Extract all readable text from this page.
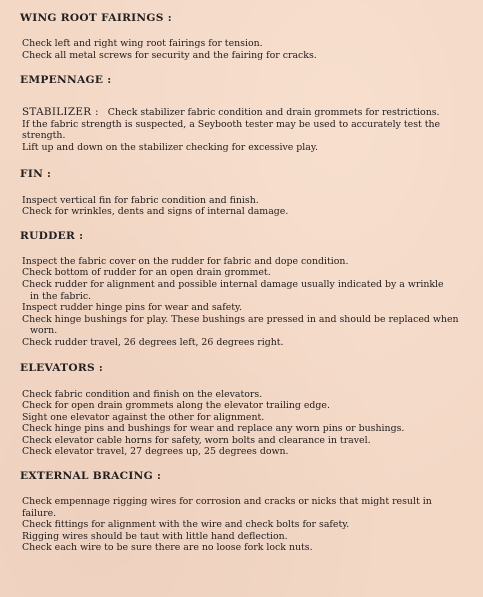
WING ROOT FAIRINGS :

Check left and right wing root fairings for tension.
Check all metal screws for security and the fairing for cracks.

EMPENNAGE :

STABILIZER : Check stabilizer fabric condition and drain grommets for restrictions.
If the fabric strength is suspected, a Seybooth tester may be used to accurately test the
strength.
Lift up and down on the stabilizer checking for excessive play.

FIN :

Inspect vertical fin for fabric condition and finish.
Check for wrinkles, dents and signs of internal damage.

RUDDER :

Inspect the fabric cover on the rudder for fabric and dope condition.
Check bottom of rudder for an open drain grommet.
Check rudder for alignment and possible internal damage usually indicated by a wrinkle
in the fabric.
Inspect rudder hinge pins for wear and safety.
Check hinge bushings for play. These bushings are pressed in and should be replaced when
worn.
Check rudder travel, 26 degrees left, 26 degrees right.

ELEVATORS :

Check fabric condition and finish on the elevators.
Check for open drain grommets along the elevator trailing edge.
Sight one elevator against the other for alignment.
Check hinge pins and bushings for wear and replace any worn pins or bushings.
Check elevator cable horns for safety, worn bolts and clearance in travel.
Check elevator travel, 27 degrees up, 25 degrees down.

EXTERNAL BRACING :

Check empennage rigging wires for corrosion and cracks or nicks that might result in
failure.
Check fittings for alignment with the wire and check bolts for safety.
Rigging wires should be taut with little hand deflection.
Check each wire to be sure there are no loose fork lock nuts.
